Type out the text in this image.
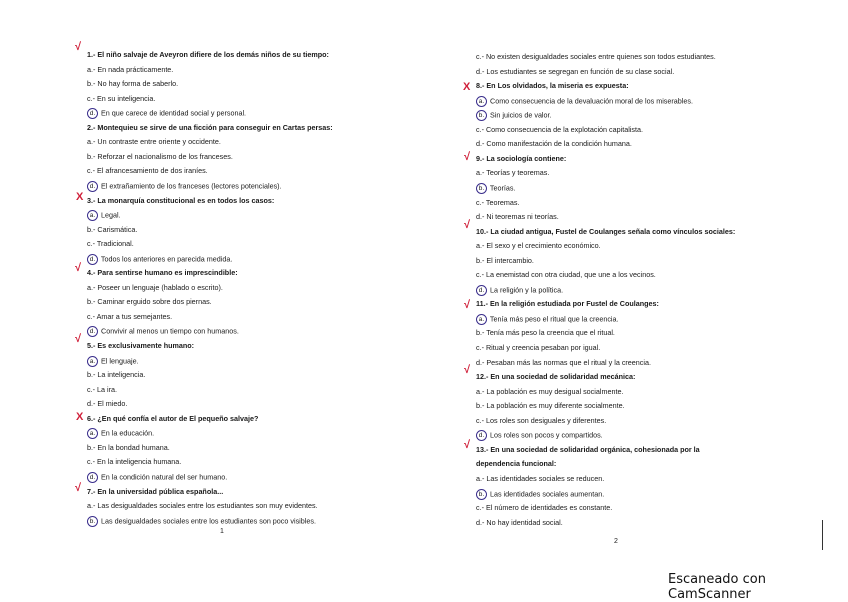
1.- El niño salvaje de Aveyron difiere de los demás niños de su tiempo:
a.- En nada prácticamente.
b.- No hay forma de saberlo.
c.- En su inteligencia.
d. En que carece de identidad social y personal.
2.- Montequieu se sirve de una ficción para conseguir en Cartas persas:
a.- Un contraste entre oriente y occidente.
b.- Reforzar el nacionalismo de los franceses.
c.- El afrancesamiento de dos iraníes.
d. El extrañamiento de los franceses (lectores potenciales).
3.- La monarquía constitucional es en todos los casos:
a. Legal.
b.- Carismática.
c.- Tradicional.
d. Todos los anteriores en parecida medida.
4.- Para sentirse humano es imprescindible:
a.- Poseer un lenguaje (hablado o escrito).
b.- Caminar erguido sobre dos piernas.
c.- Amar a tus semejantes.
d. Convivir al menos un tiempo con humanos.
5.- Es exclusivamente humano:
a. El lenguaje.
b.- La inteligencia.
c.- La ira.
d.- El miedo.
6.- ¿En qué confía el autor de El pequeño salvaje?
a. En la educación.
b.- En la bondad humana.
c.- En la inteligencia humana.
d. En la condición natural del ser humano.
7.- En la universidad pública española...
a.- Las desigualdades sociales entre los estudiantes son muy evidentes.
b. Las desigualdades sociales entre los estudiantes son poco visibles.
c.- No existen desigualdades sociales entre quienes son todos estudiantes.
d.- Los estudiantes se segregan en función de su clase social.
8.- En Los olvidados, la miseria es expuesta:
a. Como consecuencia de la devaluación moral de los miserables.
b. Sin juicios de valor.
c.- Como consecuencia de la explotación capitalista.
d.- Como manifestación de la condición humana.
9.- La sociología contiene:
a.- Teorías y teoremas.
b. Teorías.
c.- Teoremas.
d.- Ni teoremas ni teorías.
10.- La ciudad antigua, Fustel de Coulanges señala como vínculos sociales:
a.- El sexo y el crecimiento económico.
b.- El intercambio.
c.- La enemistad con otra ciudad, que une a los vecinos.
d. La religión y la política.
11.- En la religión estudiada por Fustel de Coulanges:
a. Tenía más peso el ritual que la creencia.
b.- Tenía más peso la creencia que el ritual.
c.- Ritual y creencia pesaban por igual.
d.- Pesaban más las normas que el ritual y la creencia.
12.- En una sociedad de solidaridad mecánica:
a.- La población es muy desigual socialmente.
b.- La población es muy diferente socialmente.
c.- Los roles son desiguales y diferentes.
d. Los roles son pocos y compartidos.
13.- En una sociedad de solidaridad orgánica, cohesionada por la
dependencia funcional:
a.- Las identidades sociales se reducen.
b. Las identidades sociales aumentan.
c.- El número de identidades es constante.
d.- No hay identidad social.
1
2
√
X
√
√
X
√
X
√
√
√
√
√
Escaneado con CamScanner
